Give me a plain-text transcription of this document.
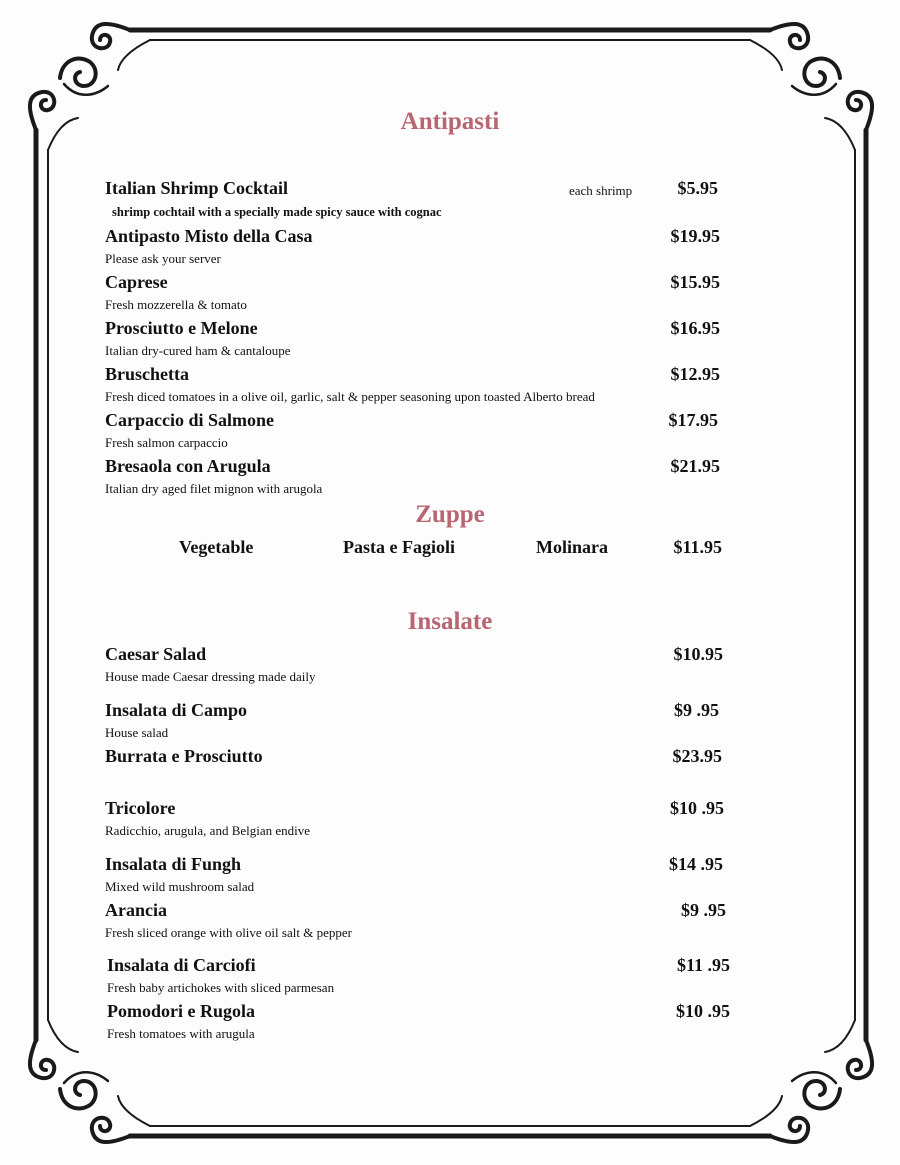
Antipasti
Italian Shrimp Cocktail	each shrimp	$5.95
shrimp cochtail with a specially made spicy sauce with cognac
Antipasto Misto della Casa	$19.95
Please ask your server
Caprese	$15.95
Fresh mozzerella & tomato
Prosciutto e Melone	$16.95
Italian dry-cured ham & cantaloupe
Bruschetta	$12.95
Fresh diced tomatoes in a olive oil, garlic, salt & pepper seasoning upon toasted Alberto bread
Carpaccio di Salmone	$17.95
Fresh salmon carpaccio
Bresaola con Arugula	$21.95
Italian dry aged filet mignon with arugola
Zuppe
Vegetable	Pasta e Fagioli	Molinara	$11.95
Insalate
Caesar Salad	$10.95
House made Caesar dressing made daily
Insalata di Campo	$9 .95
House salad
Burrata e Prosciutto	$23.95
Tricolore	$10 .95
Radicchio, arugula, and Belgian endive
Insalata di Fungh	$14 .95
Mixed wild mushroom salad
Arancia	$9 .95
Fresh sliced orange with olive oil salt & pepper
Insalata di Carciofi	$11 .95
Fresh baby artichokes with sliced parmesan
Pomodori e Rugola	$10 .95
Fresh tomatoes with arugula
